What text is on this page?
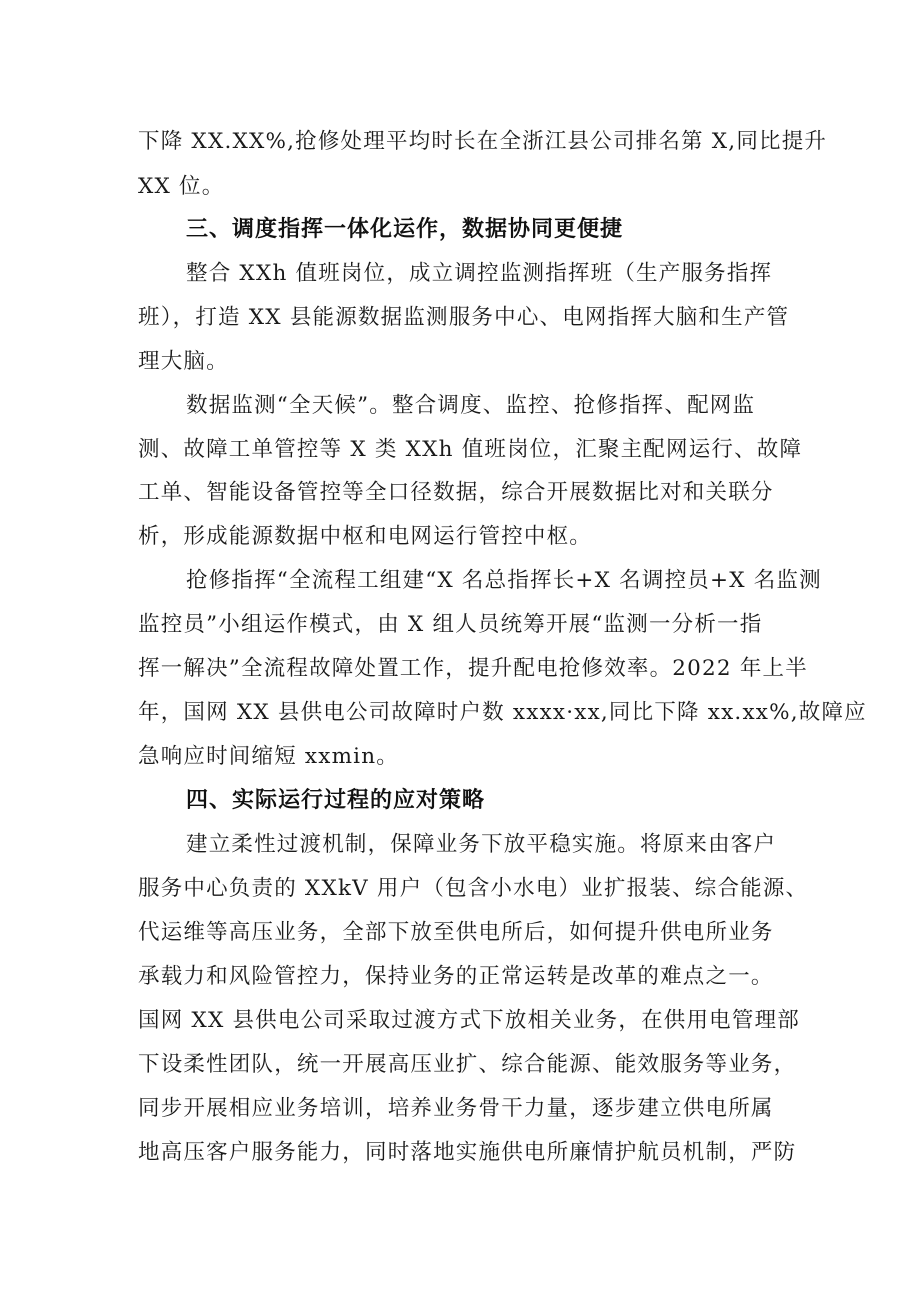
下降 XX.XX%,抢修处理平均时长在全浙江县公司排名第 X,同比提升
XX 位。
三、调度指挥一体化运作，数据协同更便捷
整合 XXh 值班岗位，成立调控监测指挥班（生产服务指挥
班），打造 XX 县能源数据监测服务中心、电网指挥大脑和生产管
理大脑。
数据监测“全天候”。整合调度、监控、抢修指挥、配网监
测、故障工单管控等 X 类 XXh 值班岗位，汇聚主配网运行、故障
工单、智能设备管控等全口径数据，综合开展数据比对和关联分
析，形成能源数据中枢和电网运行管控中枢。
抢修指挥“全流程工组建“X 名总指挥长+X 名调控员+X 名监测
监控员”小组运作模式，由 X 组人员统筹开展“监测一分析一指
挥一解决”全流程故障处置工作，提升配电抢修效率。2022 年上半
年，国网 XX 县供电公司故障时户数 xxxx·xx,同比下降 xx.xx%,故障应
急响应时间缩短 xxmin。
四、实际运行过程的应对策略
建立柔性过渡机制，保障业务下放平稳实施。将原来由客户
服务中心负责的 XXkV 用户（包含小水电）业扩报装、综合能源、
代运维等高压业务，全部下放至供电所后，如何提升供电所业务
承载力和风险管控力，保持业务的正常运转是改革的难点之一。
国网 XX 县供电公司采取过渡方式下放相关业务，在供用电管理部
下设柔性团队，统一开展高压业扩、综合能源、能效服务等业务，
同步开展相应业务培训，培养业务骨干力量，逐步建立供电所属
地高压客户服务能力，同时落地实施供电所廉情护航员机制，严防
